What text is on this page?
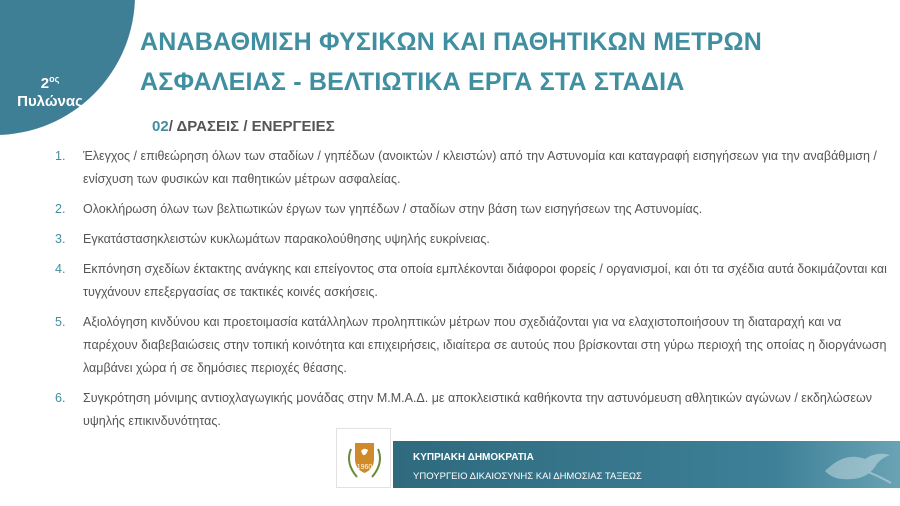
$2^{o\varsigma}$
Πυλώνας
ΑΝΑΒΑΘΜΙΣΗ ΦΥΣΙΚΩΝ ΚΑΙ ΠΑΘΗΤΙΚΩΝ ΜΕΤΡΩΝ
ΑΣΦΑΛΕΙΑΣ - ΒΕΛΤΙΩΤΙΚΑ ΕΡΓΑ ΣΤΑ ΣΤΑΔΙΑ
02/ ΔΡΑΣΕΙΣ / ΕΝΕΡΓΕΙΕΣ
1.	Έλεγχος / επιθεώρηση όλων των σταδίων / γηπέδων (ανοικτών / κλειστών) από την Αστυνομία και καταγραφή εισηγήσεων για την αναβάθμιση / ενίσχυση των φυσικών και παθητικών μέτρων ασφαλείας.
2.	Ολοκλήρωση όλων των βελτιωτικών έργων των γηπέδων / σταδίων στην βάση των εισηγήσεων της Αστυνομίας.
3.	Εγκατάστασηκλειστών κυκλωμάτων παρακολούθησης υψηλής ευκρίνειας.
4.	Εκπόνηση σχεδίων έκτακτης ανάγκης και επείγοντος στα οποία εμπλέκονται διάφοροι φορείς / οργανισμοί, και ότι τα σχέδια αυτά δοκιμάζονται και τυγχάνουν επεξεργασίας σε τακτικές κοινές ασκήσεις.
5.	Αξιολόγηση κινδύνου και προετοιμασία κατάλληλων προληπτικών μέτρων που σχεδιάζονται για να ελαχιστοποιήσουν τη διαταραχή και να παρέχουν διαβεβαιώσεις στην τοπική κοινότητα και επιχειρήσεις, ιδιαίτερα σε αυτούς που βρίσκονται στη γύρω περιοχή της οποίας η διοργάνωση λαμβάνει χώρα ή σε δημόσιες περιοχές θέασης.
6.	Συγκρότηση μόνιμης αντιοχλαγωγικής μονάδας στην Μ.Μ.Α.Δ. με αποκλειστικά καθήκοντα την αστυνόμευση αθλητικών αγώνων / εκδηλώσεων υψηλής επικινδυνότητας.
1960
ΚΥΠΡΙΑΚΗ ΔΗΜΟΚΡΑΤΙΑ
ΥΠΟΥΡΓΕΙΟ ΔΙΚΑΙΟΣΥΝΗΣ ΚΑΙ ΔΗΜΟΣΙΑΣ ΤΑΞΕΩΣ
